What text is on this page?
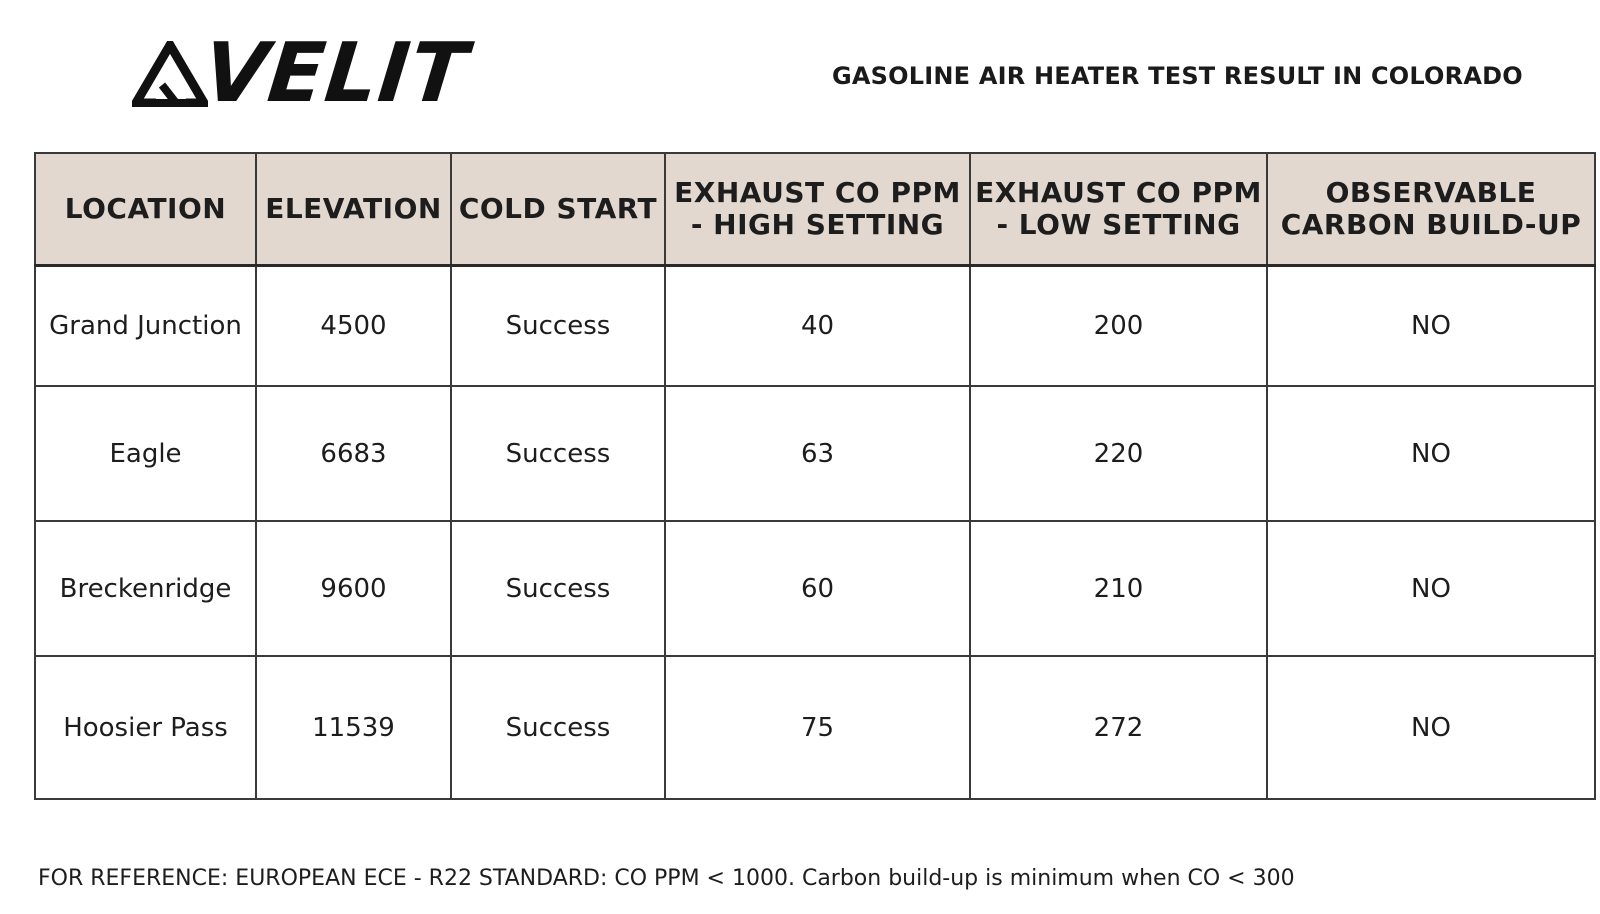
VELIT	GASOLINE AIR HEATER TEST RESULT IN COLORADO
LOCATION	ELEVATION	COLD START	EXHAUST CO PPM - HIGH SETTING	EXHAUST CO PPM - LOW SETTING	OBSERVABLE CARBON BUILD-UP
Grand Junction	4500	Success	40	200	NO
Eagle	6683	Success	63	220	NO
Breckenridge	9600	Success	60	210	NO
Hoosier Pass	11539	Success	75	272	NO
FOR REFERENCE: EUROPEAN ECE - R22 STANDARD: CO PPM < 1000. Carbon build-up is minimum when CO < 300
